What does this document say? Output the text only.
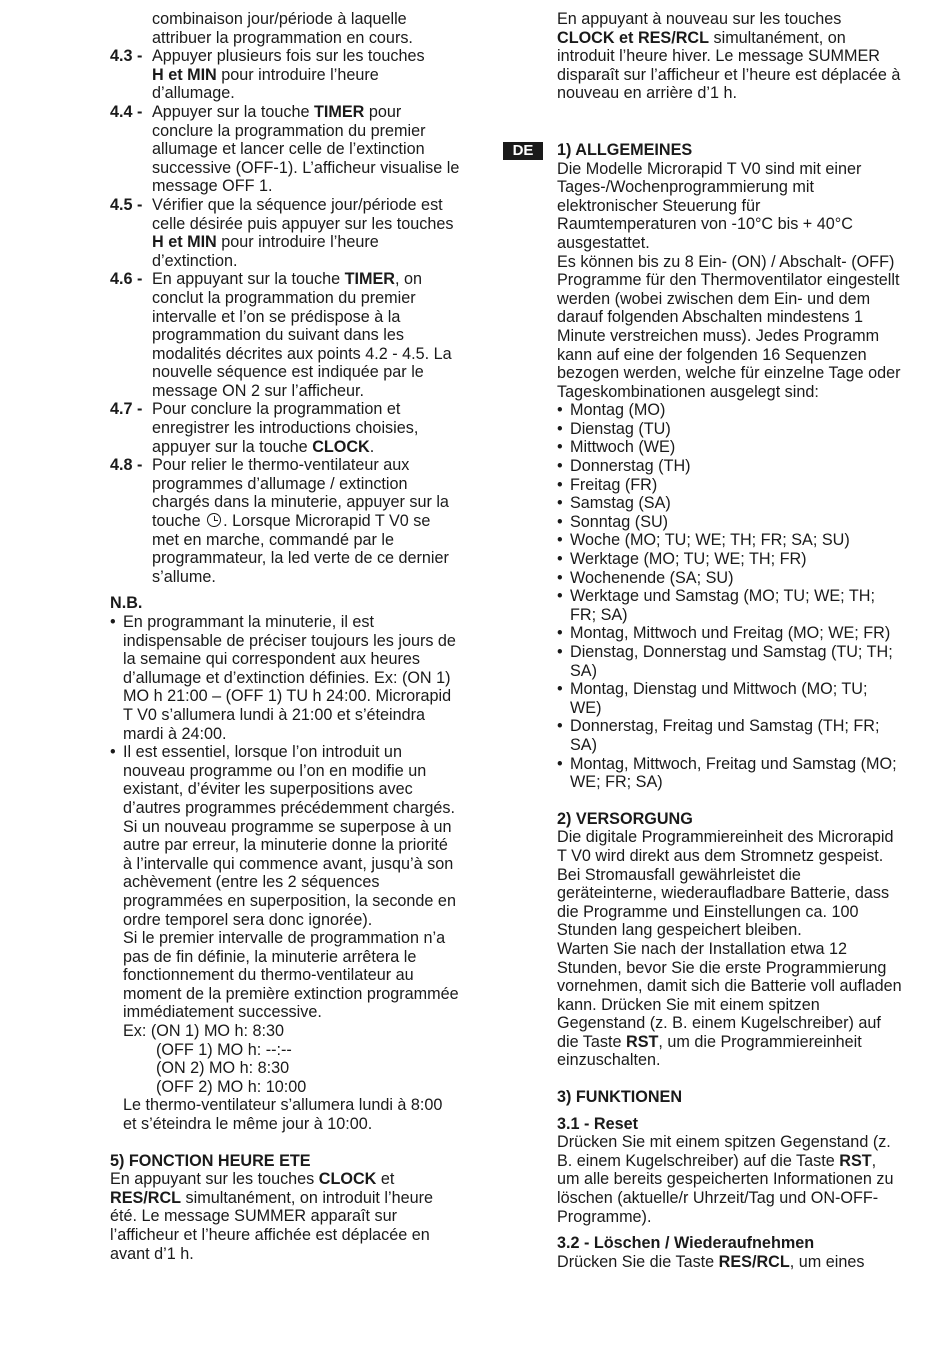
combinaison jour/période à laquelle
attribuer la programmation en cours.

4.3 - Appuyer plusieurs fois sur les touches
H et MIN pour introduire l’heure d’allumage.

4.4 - Appuyer sur la touche TIMER pour conclure la programmation du premier allumage et lancer celle de l’extinction successive (OFF-1). L’afficheur visualise le message OFF 1.

4.5 - Vérifier que la séquence jour/période est celle désirée puis appuyer sur les touches H et MIN pour introduire l’heure d’extinction.

4.6 - En appuyant sur la touche TIMER, on conclut la programmation du premier intervalle et l’on se prédispose à la programmation du suivant dans les modalités décrites aux points 4.2 - 4.5. La nouvelle séquence est indiquée par le message ON 2 sur l’afficheur.

4.7 - Pour conclure la programmation et enregistrer les introductions choisies, appuyer sur la touche CLOCK.

4.8 - Pour relier le thermo-ventilateur aux programmes d’allumage / extinction chargés dans la minuterie, appuyer sur la touche . Lorsque Microrapid T V0 se met en marche, commandé par le programmateur, la led verte de ce dernier s’allume.

N.B.

• En programmant la minuterie, il est indispensable de préciser toujours les jours de la semaine qui correspondent aux heures d’allumage et d’extinction définies. Ex: (ON 1) MO h 21:00 – (OFF 1) TU h 24:00. Microrapid T V0 s’allumera lundi à 21:00 et s’éteindra mardi à 24:00.

• Il est essentiel, lorsque l’on introduit un nouveau programme ou l’on en modifie un existant, d’éviter les superpositions avec d’autres programmes précédemment chargés.

Si un nouveau programme se superpose à un autre par erreur, la minuterie donne la priorité à l’intervalle qui commence avant, jusqu’à son achèvement (entre les 2 séquences programmées en superposition, la seconde en ordre temporel sera donc ignorée).

Si le premier intervalle de programmation n’a pas de fin définie, la minuterie arrêtera le fonctionnement du thermo-ventilateur au moment de la première extinction programmée immédiatement successive.

Ex: (ON 1) MO h: 8:30

(OFF 1) MO h: --:--

(ON 2) MO h: 8:30

(OFF 2) MO h: 10:00

Le thermo-ventilateur s’allumera lundi à 8:00 et s’éteindra le même jour à 10:00.

5) FONCTION HEURE ETE

En appuyant sur les touches CLOCK et RES/RCL simultanément, on introduit l’heure été. Le message SUMMER apparaît sur l’afficheur et l’heure affichée est déplacée en avant d’1 h.

DE

En appuyant à nouveau sur les touches CLOCK et RES/RCL simultanément, on introduit l’heure hiver. Le message SUMMER disparaît sur l’afficheur et l’heure est déplacée à nouveau en arrière d’1 h.

1) ALLGEMEINES

Die Modelle Microrapid T V0 sind mit einer Tages-/Wochenprogrammierung mit elektronischer Steuerung für Raumtemperaturen von -10°C bis + 40°C ausgestattet.

Es können bis zu 8 Ein- (ON) / Abschalt- (OFF) Programme für den Thermoventilator eingestellt werden (wobei zwischen dem Ein- und dem darauf folgenden Abschalten mindestens 1 Minute verstreichen muss). Jedes Programm kann auf eine der folgenden 16 Sequenzen bezogen werden, welche für einzelne Tage oder Tageskombinationen ausgelegt sind:

• Montag (MO)

• Dienstag (TU)

• Mittwoch (WE)

• Donnerstag (TH)

• Freitag (FR)

• Samstag (SA)

• Sonntag (SU)

• Woche (MO; TU; WE; TH; FR; SA; SU)

• Werktage (MO; TU; WE; TH; FR)

• Wochenende (SA; SU)

• Werktage und Samstag (MO; TU; WE; TH; FR; SA)

• Montag, Mittwoch und Freitag (MO; WE; FR)

• Dienstag, Donnerstag und Samstag (TU; TH; SA)

• Montag, Dienstag und Mittwoch (MO; TU; WE)

• Donnerstag, Freitag und Samstag (TH; FR; SA)

• Montag, Mittwoch, Freitag und Samstag (MO; WE; FR; SA)

2) VERSORGUNG

Die digitale Programmiereinheit des Microrapid T V0 wird direkt aus dem Stromnetz gespeist. Bei Stromausfall gewährleistet die geräteinterne, wiederaufladbare Batterie, dass die Programme und Einstellungen ca. 100 Stunden lang gespeichert bleiben.

Warten Sie nach der Installation etwa 12 Stunden, bevor Sie die erste Programmierung vornehmen, damit sich die Batterie voll aufladen kann. Drücken Sie mit einem spitzen Gegenstand (z. B. einem Kugelschreiber) auf die Taste RST, um die Programmiereinheit einzuschalten.

3) FUNKTIONEN

3.1 - Reset

Drücken Sie mit einem spitzen Gegenstand (z. B. einem Kugelschreiber) auf die Taste RST, um alle bereits gespeicherten Informationen zu löschen (aktuelle/r Uhrzeit/Tag und ON-OFF-Programme).

3.2 - Löschen / Wiederaufnehmen

Drücken Sie die Taste RES/RCL, um eines
